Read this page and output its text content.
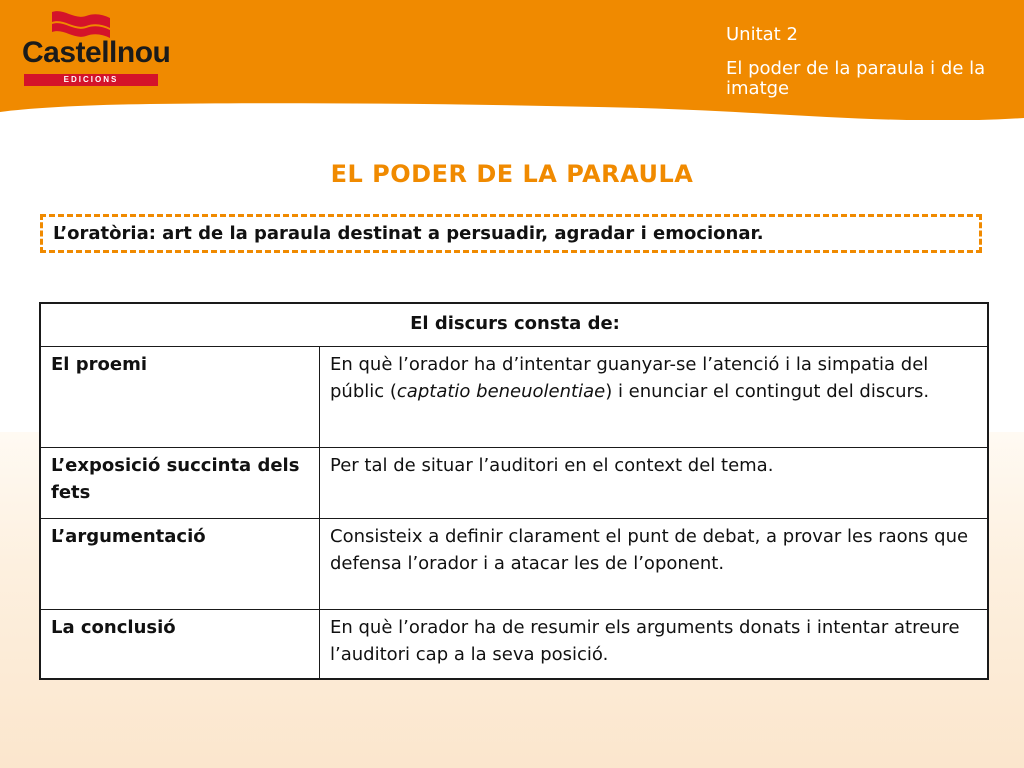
Castellnou
EDICIONS
Unitat 2
El poder de la paraula i de la imatge
EL PODER DE LA PARAULA
L’oratòria: art de la paraula destinat a persuadir, agradar i emocionar.
El discurs consta de:	
El proemi	En què l’orador ha d’intentar guanyar-se l’atenció i la simpatia del públic (captatio beneuolentiae) i enunciar el contingut del discurs.
L’exposició succinta dels fets	Per tal de situar l’auditori en el context del tema.
L’argumentació	Consisteix a definir clarament el punt de debat, a provar les raons que defensa l’orador i a atacar les de l’oponent.
La conclusió	En què l’orador ha de resumir els arguments donats i intentar atreure l’auditori cap a la seva posició.
